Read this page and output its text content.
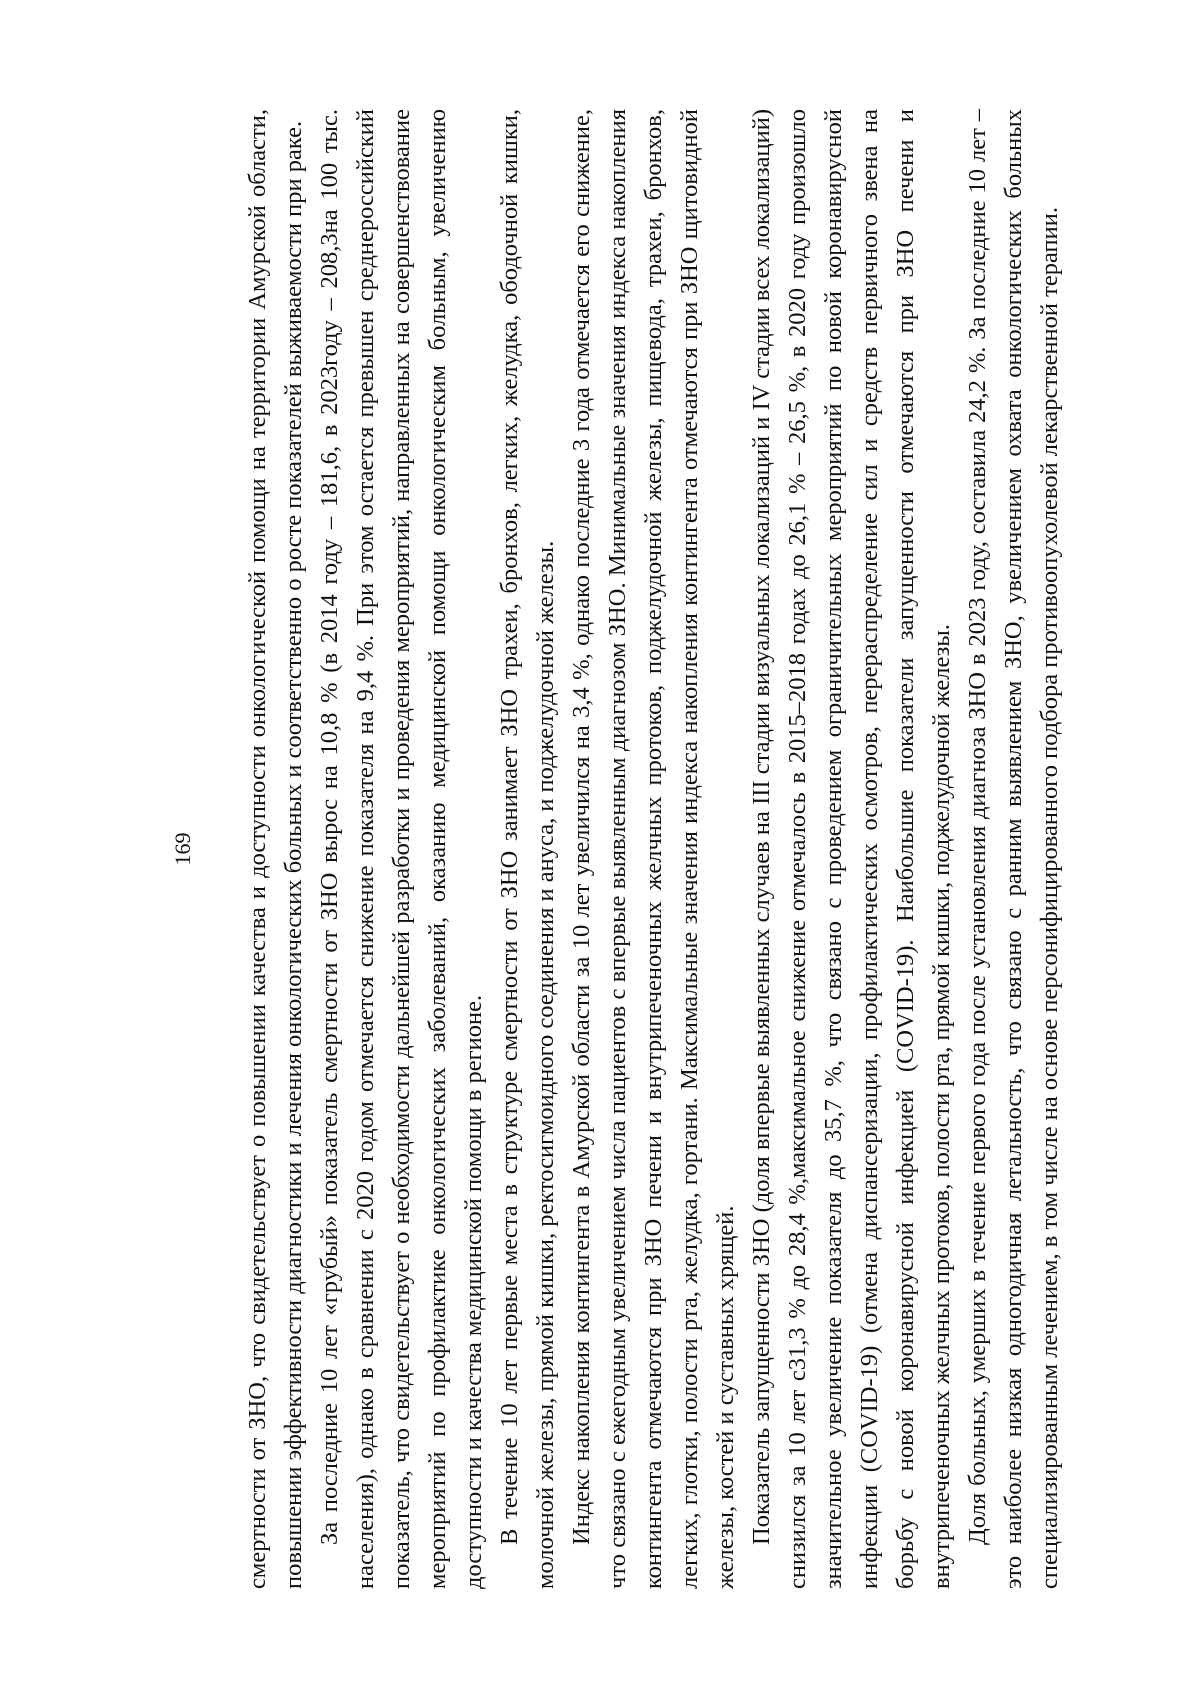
169 смертности от ЗНО, что свидетельствует о повышении качества и доступности онкологической помощи на территории Амурской области, повышении эффективности диагностики и лечения онкологических больных и соответственно о росте показателей выживаемости при раке. За последние 10 лет «грубый» показатель смертности от ЗНО вырос на 10,8 % (в 2014 году – 181,6, в 2023году – 208,3на 100 тыс. населения), однако в сравнении с 2020 годом отмечается снижение показателя на 9,4 %. При этом остается превышен среднероссийский показатель, что свидетельствует о необходимости дальнейшей разработки и проведения мероприятий, направленных на совершенствование мероприятий по профилактике онкологических заболеваний, оказанию медицинской помощи онкологическим больным, увеличению доступности и качества медицинской помощи в регионе. В течение 10 лет первые места в структуре смертности от ЗНО занимает ЗНО трахеи, бронхов, легких, желудка, ободочной кишки, молочной железы, прямой кишки, ректосигмоидного соединения и ануса, и поджелудочной железы. Индекс накопления контингента в Амурской области за 10 лет увеличился на 3,4 %, однако последние 3 года отмечается его снижение, что связано с ежегодным увеличением числа пациентов с впервые выявленным диагнозом ЗНО. Минимальные значения индекса накопления контингента отмечаются при ЗНО печени и внутрипеченочных желчных протоков, поджелудочной железы, пищевода, трахеи, бронхов, легких, глотки, полости рта, желудка, гортани. Максимальные значения индекса накопления контингента отмечаются при ЗНО щитовидной железы, костей и суставных хрящей. Показатель запущенности ЗНО (доля впервые выявленных случаев на III стадии визуальных локализаций и IV стадии всех локализаций) снизился за 10 лет с31,3 % до 28,4 %,максимальное снижение отмечалось в 2015–2018 годах до 26,1 % – 26,5 %, в 2020 году произошло значительное увеличение показателя до 35,7 %, что связано с проведением ограничительных мероприятий по новой коронавирусной инфекции (COVID-19) (отмена диспансеризации, профилактических осмотров, перераспределение сил и средств первичного звена на борьбу с новой коронавирусной инфекцией (COVID-19). Наибольшие показатели запущенности отмечаются при ЗНО печени и внутрипеченочных желчных протоков, полости рта, прямой кишки, поджелудочной железы. Доля больных, умерших в течение первого года после установления диагноза ЗНО в 2023 году, составила 24,2 %. За последние 10 лет – это наиболее низкая одногодичная летальность, что связано с ранним выявлением ЗНО, увеличением охвата онкологических больных специализированным лечением, в том числе на основе персонифицированного подбора противоопухолевой лекарственной терапии.
